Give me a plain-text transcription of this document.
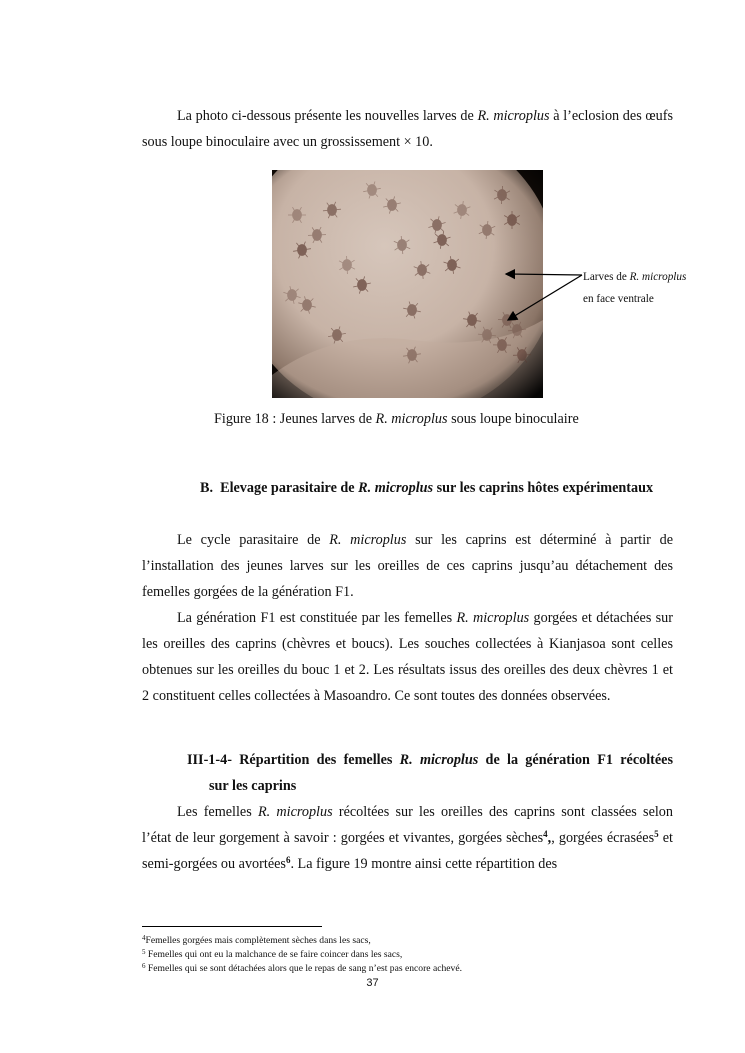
La photo ci-dessous présente les nouvelles larves de R. microplus à l’eclosion des œufs sous loupe binoculaire avec un grossissement × 10.

Larves de R. microplus en face ventrale
Figure 18 : Jeunes larves de R. microplus sous loupe binoculaire
B.  Elevage parasitaire de R. microplus sur les caprins hôtes expérimentaux

Le cycle parasitaire de R. microplus sur les caprins est déterminé à partir de l’installation des jeunes larves sur les oreilles de ces caprins jusqu’au détachement des femelles gorgées de la génération F1.

La génération F1 est constituée par les femelles R. microplus gorgées et détachées sur les oreilles des caprins (chèvres et boucs). Les souches collectées à Kianjasoa sont celles obtenues sur les oreilles du bouc 1 et 2. Les résultats issus des oreilles des deux chèvres 1 et 2 constituent celles collectées à Masoandro. Ce sont toutes des données observées.

III-1-4- Répartition des femelles R. microplus de la génération F1 récoltées
sur les caprins

Les femelles R. microplus récoltées sur les oreilles des caprins sont classées selon l’état de leur gorgement à savoir : gorgées et vivantes, gorgées sèches$^4$,, gorgées écrasées$^5$ et semi-gorgées ou avortées$^6$. La figure 19 montre ainsi cette répartition des

$^4$Femelles gorgées mais complètement sèches dans les sacs,
$^5$ Femelles qui ont eu la malchance de se faire coincer dans les sacs,
$^6$ Femelles qui se sont détachées alors que le repas de sang n’est pas encore achevé.
37
